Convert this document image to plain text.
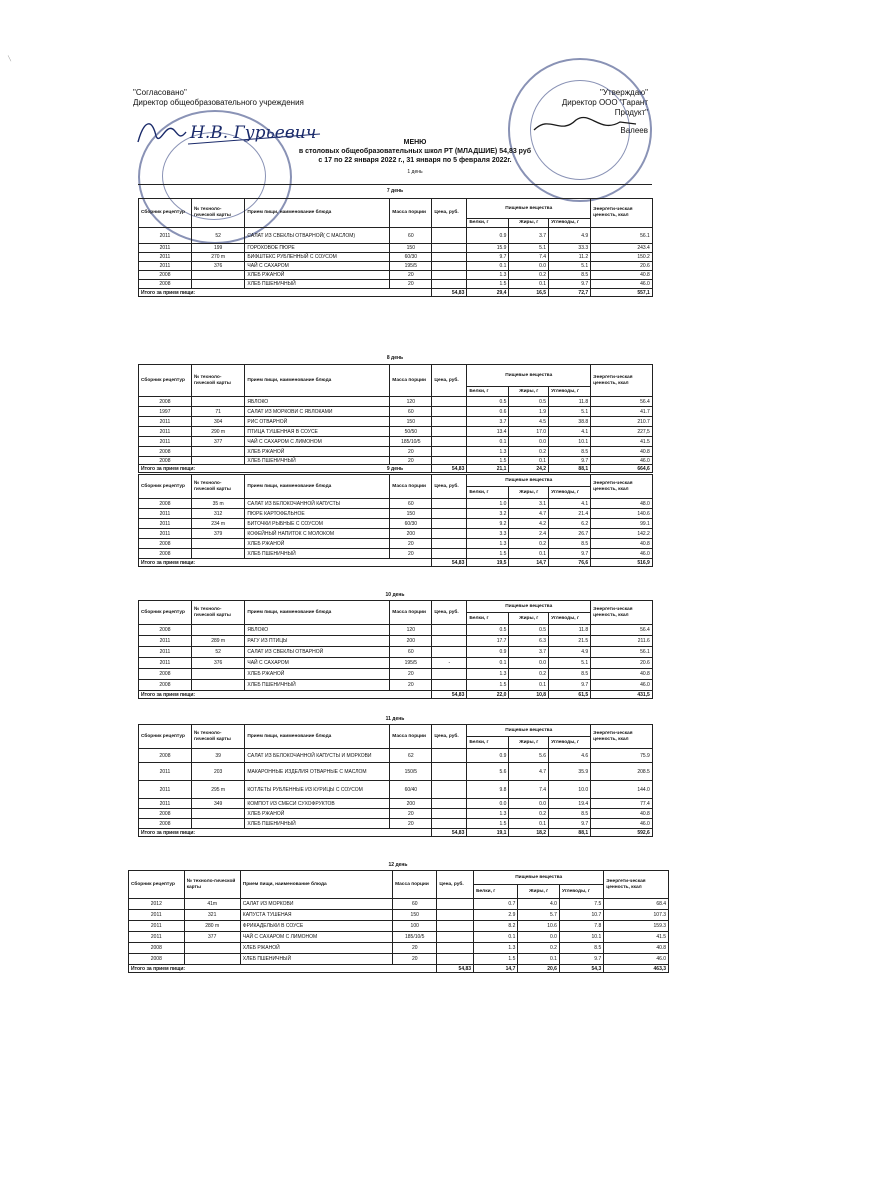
"Согласовано"
Директор общеобразовательного учреждения
Н.В. Гурьевич
"Утверждаю"
Директор ООО "Гарант Продукт"
Валеев
МЕНЮ
в столовых общеобразовательных школ РТ (МЛАДШИЕ) 54,83 руб
с 17 по 22 января 2022 г., 31 января по 5 февраля 2022г.
1 день
7 день
Сборник рецептур	№ техноло-гической карты	Прием пищи, наименование блюда	Масса порции	Цена, руб.	Пищевые вещества			Энергети-ческая ценность, ккал
					Белки, г	Жиры, г	Углеводы, г	
2011	52	САЛАТ ИЗ СВЕКЛЫ ОТВАРНОЙ( С МАСЛОМ)	60		0.9	3.7	4.9	56.1
2011	199	ГОРОХОВОЕ ПЮРЕ	150		15.9	5.1	33.3	243.4
2011	270 m	БИФШТЕКС РУБЛЕННЫЙ С СОУСОМ	60/30		9.7	7.4	11.2	150.2
2011	376	ЧАЙ С САХАРОМ	195/5		0.1	0.0	5.1	20.6
2008		ХЛЕБ РЖАНОЙ	20		1.3	0.2	8.5	40.8
2008		ХЛЕБ ПШЕНИЧНЫЙ	20		1.5	0.1	9.7	46.0
Итого за прием пищи:				54,83	29,4	16,5	72,7	557,1
8 день
Сборник рецептур	№ техноло-гической карты	Прием пищи, наименование блюда	Масса порции	Цена, руб.	Пищевые вещества			Энергети-ческая ценность, ккал
					Белки, г	Жиры, г	Углеводы, г	
2008		ЯБЛОКО	120		0.5	0.5	11.8	56.4
1997	71	САЛАТ ИЗ МОРКОВИ С ЯБЛОКАМИ	60		0.6	1.9	5.1	41.7
2011	304	РИС ОТВАРНОЙ	150		3.7	4.5	38.8	210.7
2011	290 m	ПТИЦА ТУШЕННАЯ В СОУСЕ	50/50		13.4	17.0	4.1	227,5
2011	377	ЧАЙ С САХАРОМ С ЛИМОНОМ	185/10/5		0.1	0.0	10.1	41.5
2008		ХЛЕБ РЖАНОЙ	20		1.3	0.2	8.5	40.8
2008		ХЛЕБ ПШЕНИЧНЫЙ	20		1.5	0.1	9.7	46.0
Итого за прием пищи:				54,83	21,1	24,2	88,1	664,6
9 день
Сборник рецептур	№ техноло-гической карты	Прием пищи, наименование блюда	Масса порции	Цена, руб.	Пищевые вещества			Энергети-ческая ценность, ккал
					Белки, г	Жиры, г	Углеводы, г	
2008	35 m	САЛАТ ИЗ БЕЛОКОЧАННОЙ КАПУСТЫ	60		1.0	3.1	4.1	48.0
2011	312	ПЮРЕ КАРТОФЕЛЬНОЕ	150		3.2	4.7	21.4	140.6
2011	234 m	БИТОЧКИ РЫБНЫЕ С СОУСОМ	60/30		9.2	4.2	6.2	99.1
2011	379	КОФЕЙНЫЙ НАПИТОК С МОЛОКОМ	200		3.3	2.4	26.7	142.2
2008		ХЛЕБ РЖАНОЙ	20		1.3	0.2	8.5	40.8
2008		ХЛЕБ ПШЕНИЧНЫЙ	20		1.5	0.1	9.7	46.0
Итого за прием пищи:				54,83	19,5	14,7	76,6	516,9
10 день
Сборник рецептур	№ техноло-гической карты	Прием пищи, наименование блюда	Масса порции	Цена, руб.	Пищевые вещества			Энергети-ческая ценность, ккал
					Белки, г	Жиры, г	Углеводы, г	
2008		ЯБЛОКО	120		0.5	0.5	11.8	56.4
2011	289 m	РАГУ ИЗ ПТИЦЫ	200		17.7	6.3	21.5	211.6
2011	52	САЛАТ ИЗ СВЕКЛЫ ОТВАРНОЙ	60		0.9	3.7	4.9	56.1
2011	376	ЧАЙ С САХАРОМ	195/5	-	0.1	0.0	5.1	20.6
2008		ХЛЕБ РЖАНОЙ	20		1.3	0.2	8.5	40.8
2008		ХЛЕБ ПШЕНИЧНЫЙ	20		1.5	0.1	9.7	46.0
Итого за прием пищи:				54,83	22,0	10,8	61,5	431,5
11 день
Сборник рецептур	№ техноло-гической карты	Прием пищи, наименование блюда	Масса порции	Цена, руб.	Пищевые вещества			Энергети-ческая ценность, ккал
					Белки, г	Жиры, г	Углеводы, г	
2008	39	САЛАТ ИЗ БЕЛОКОЧАННОЙ КАПУСТЫ И МОРКОВИ	62		0.9	5.6	4.6	75.9
2011	203	МАКАРОННЫЕ ИЗДЕЛИЯ ОТВАРНЫЕ С МАСЛОМ	150/5		5.6	4.7	35.9	208.5
2011	295 m	КОТЛЕТЫ РУБЛЕННЫЕ ИЗ КУРИЦЫ С СОУСОМ	60/40		9.8	7.4	10.0	144.0
2011	349	КОМПОТ ИЗ СМЕСИ СУХОФРУКТОВ	200		0.0	0.0	19.4	77.4
2008		ХЛЕБ РЖАНОЙ	20		1.3	0.2	8.5	40.8
2008		ХЛЕБ ПШЕНИЧНЫЙ	20		1.5	0.1	9.7	46.0
Итого за прием пищи:				54,83	19,1	18,2	88,1	592,6
12 день
Сборник рецептур	№ техноло-гической карты	Прием пищи, наименование блюда	Масса порции	Цена, руб.	Пищевые вещества			Энергети-ческая ценность, ккал
					Белки, г	Жиры, г	Углеводы, г	
2012	41m	САЛАТ ИЗ МОРКОВИ	60		0.7	4.0	7.5	68.4
2011	321	КАПУСТА ТУШЕНАЯ	150		2.9	5.7	10.7	107.3
2011	280 m	ФРИКАДЕЛЬКИ В СОУСЕ	100		8.2	10.6	7.8	159.3
2011	377	ЧАЙ С САХАРОМ С ЛИМОНОМ	185/10/5		0.1	0.0	10.1	41.5
2008		ХЛЕБ РЖАНОЙ	20		1.3	0.2	8.5	40.8
2008		ХЛЕБ ПШЕНИЧНЫЙ	20		1.5	0.1	9.7	46.0
Итого за прием пищи:				54,83	14,7	20,6	54,3	463,3
╲
